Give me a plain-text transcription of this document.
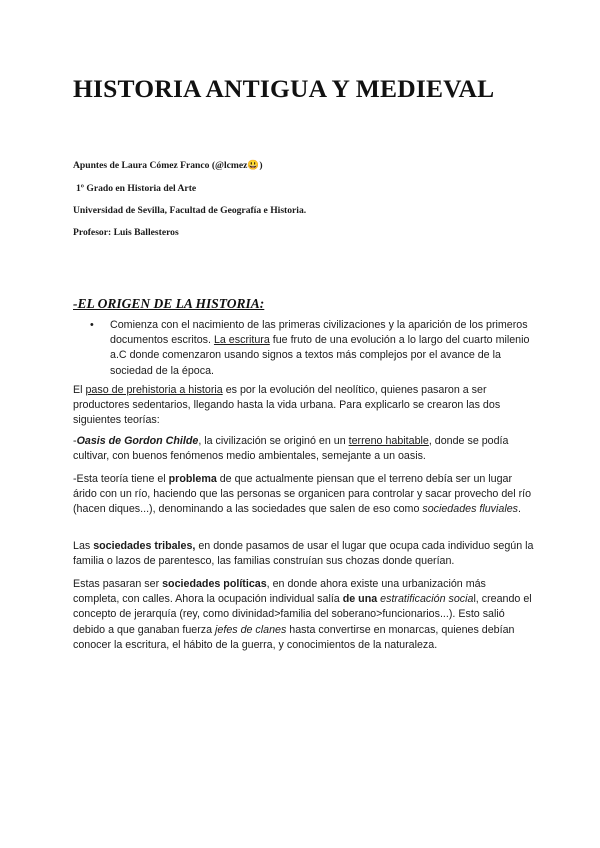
HISTORIA ANTIGUA Y MEDIEVAL
Apuntes de Laura Cómez Franco (@lcmez😃)
1º Grado en Historia del Arte
Universidad de Sevilla, Facultad de Geografía e Historia.
Profesor: Luis Ballesteros
-EL ORIGEN DE LA HISTORIA:
• Comienza con el nacimiento de las primeras civilizaciones y la aparición de los primeros documentos escritos. La escritura fue fruto de una evolución a lo largo del cuarto milenio a.C donde comenzaron usando signos a textos más complejos por el avance de la sociedad de la época.

El paso de prehistoria a historia es por la evolución del neolítico, quienes pasaron a ser productores sedentarios, llegando hasta la vida urbana. Para explicarlo se crearon las dos siguientes teorías:

-Oasis de Gordon Childe, la civilización se originó en un terreno habitable, donde se podía cultivar, con buenos fenómenos medio ambientales, semejante a un oasis.

-Esta teoría tiene el problema de que actualmente piensan que el terreno debía ser un lugar árido con un río, haciendo que las personas se organicen para controlar y sacar provecho del río (hacen diques...), denominando a las sociedades que salen de eso como sociedades fluviales.

Las sociedades tribales, en donde pasamos de usar el lugar que ocupa cada individuo según la familia o lazos de parentesco, las familias construían sus chozas donde querían.

Estas pasaran ser sociedades políticas, en donde ahora existe una urbanización más completa, con calles. Ahora la ocupación individual salía de una estratificación social, creando el concepto de jerarquía (rey, como divinidad>familia del soberano>funcionarios...). Esto salió debido a que ganaban fuerza jefes de clanes hasta convertirse en monarcas, quienes debían conocer la escritura, el hábito de la guerra, y conocimientos de la naturaleza.
